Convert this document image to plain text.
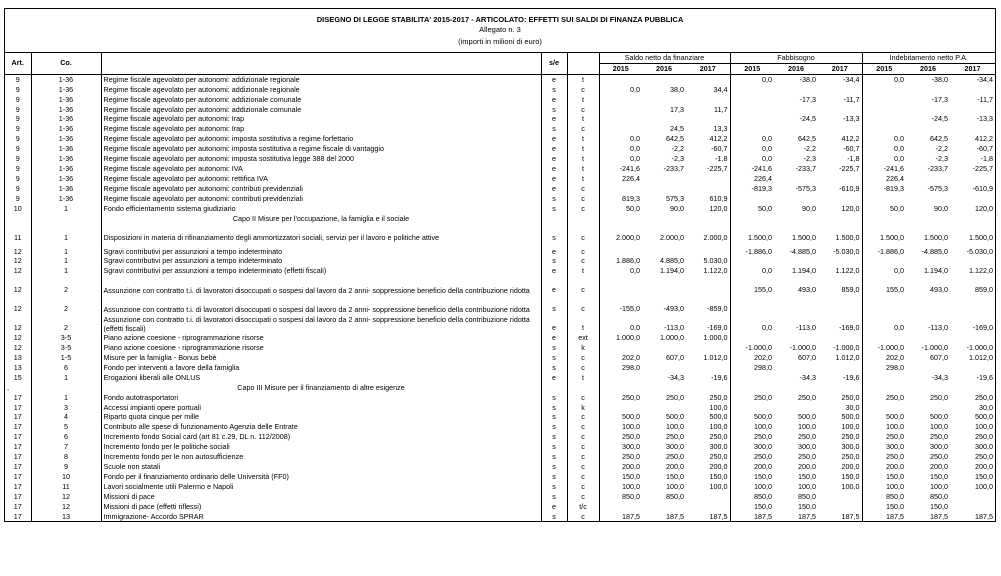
DISEGNO DI LEGGE STABILITA' 2015-2017 - ARTICOLATO: EFFETTI SUI SALDI DI FINANZA PUBBLICA
Allegato n. 3
(importi in milioni di euro)
Art.	Co.		s/e		Saldo netto da finanziare			Fabbisogno			Indebitamento netto P.A.		
					2015	2016	2017	2015	2016	2017	2015	2016	2017
9	1-36	Regime fiscale agevolato per autonomi: addizionale regionale	e	t				0,0	-38,0	-34,4	0,0	-38,0	-34,4
9	1-36	Regime fiscale agevolato per autonomi: addizionale regionale	s	c	0,0	38,0	34,4						
9	1-36	Regime fiscale agevolato per autonomi: addizionale comunale	e	t					-17,3	-11,7		-17,3	-11,7
9	1-36	Regime fiscale agevolato per autonomi: addizionale comunale	s	c		17,3	11,7						
9	1-36	Regime fiscale agevolato per autonomi: Irap	e	t					-24,5	-13,3		-24,5	-13,3
9	1-36	Regime fiscale agevolato per autonomi: Irap	s	c		24,5	13,3						
9	1-36	Regime fiscale agevolato per autonomi: imposta sostitutiva a regime forfettario	e	t	0,0	642,5	412,2	0,0	642,5	412,2	0,0	642,5	412,2
9	1-36	Regime fiscale agevolato per autonomi: imposta sostitutiva a regime fiscale di vantaggio	e	t	0,0	-2,2	-60,7	0,0	-2,2	-60,7	0,0	-2,2	-60,7
9	1-36	Regime fiscale agevolato per autonomi: imposta sostitutiva legge 388 del 2000	e	t	0,0	-2,3	-1,8	0,0	-2,3	-1,8	0,0	-2,3	-1,8
9	1-36	Regime fiscale agevolato per autonomi: IVA	e	t	-241,6	-233,7	-225,7	-241,6	-233,7	-225,7	-241,6	-233,7	-225,7
9	1-36	Regime fiscale agevolato per autonomi: rettifica IVA	e	t	226,4			226,4			226,4		
9	1-36	Regime fiscale agevolato per autonomi: contributi previdenziali	e	c				-819,3	-575,3	-610,9	-819,3	-575,3	-610,9
9	1-36	Regime fiscale agevolato per autonomi: contributi previdenziali	s	c	819,3	575,3	610,9						
10	1	Fondo efficientamento sistema giudiziario	s	c	50,0	90,0	120,0	50,0	90,0	120,0	50,0	90,0	120,0
		Capo II Misure per l'occupazione, la famiglia e il sociale											
11	1	Disposizioni in materia di rifinanziamento degli ammortizzatori sociali, servizi per il lavoro e politiche attive	s	c	2.000,0	2.000,0	2.000,0	1.500,0	1.500,0	1.500,0	1.500,0	1.500,0	1.500,0
12	1	Sgravi contributivi per assunzioni a tempo indeterminato	e	c				-1.886,0	-4.885,0	-5.030,0	-1.886,0	-4.885,0	-5.030,0
12	1	Sgravi contributivi per assunzioni a tempo indeterminato	s	c	1.886,0	4.885,0	5.030,0						
12	1	Sgravi contributivi per assunzioni a tempo indeterminato (effetti fiscali)	e	t	0,0	1.194,0	1.122,0	0,0	1.194,0	1.122,0	0,0	1.194,0	1.122,0
12	2	Assunzione con contratto t.i. di lavoratori disoccupati o sospesi dal lavoro da 2 anni- soppressione beneficio della contribuzione ridotta	e	c				155,0	493,0	859,0	155,0	493,0	859,0
12	2	Assunzione con contratto t.i. di lavoratori disoccupati o sospesi dal lavoro da 2 anni- soppressione beneficio della contribuzione ridotta	s	c	-155,0	-493,0	-859,0						
12	2	Assunzione con contratto t.i. di lavoratori disoccupati o sospesi dal lavoro da 2 anni- soppressione beneficio della contribuzione ridotta (effetti fiscali)	e	t	0,0	-113,0	-169,0	0,0	-113,0	-169,0	0,0	-113,0	-169,0
12	3-5	Piano azione coesione - riprogrammazione risorse	e	ext	1.000,0	1.000,0	1.000,0						
12	3-5	Piano azione coesione - riprogrammazione risorse	s	k				-1.000,0	-1.000,0	-1.000,0	-1.000,0	-1.000,0	-1.000,0
13	1-5	Misure per la famiglia - Bonus bebè	s	c	202,0	607,0	1.012,0	202,0	607,0	1.012,0	202,0	607,0	1.012,0
13	6	Fondo per interventi a favore della famiglia	s	c	298,0			298,0			298,0		
15	1	Erogazioni liberali alle ONLUS	e	t		-34,3	-19,6		-34,3	-19,6		-34,3	-19,6
,		Capo III Misure per il finanziamento di altre esigenze											
17	1	Fondo autotrasportatori	s	c	250,0	250,0	250,0	250,0	250,0	250,0	250,0	250,0	250,0
17	3	Accessi impianti opere portuali	s	k			100,0			30,0			30,0
17	4	Riparto quota cinque per mille	s	c	500,0	500,0	500,0	500,0	500,0	500,0	500,0	500,0	500,0
17	5	Contributo alle spese di funzionamento Agenzia delle Entrate	s	c	100,0	100,0	100,0	100,0	100,0	100,0	100,0	100,0	100,0
17	6	Incremento fondo Social card (art 81 c.29, DL n. 112/2008)	s	c	250,0	250,0	250,0	250,0	250,0	250,0	250,0	250,0	250,0
17	7	Incremento fondo per le politiche sociali	s	c	300,0	300,0	300,0	300,0	300,0	300,0	300,0	300,0	300,0
17	8	Incremento fondo per le non autosufficienze	s	c	250,0	250,0	250,0	250,0	250,0	250,0	250,0	250,0	250,0
17	9	Scuole non statali	s	c	200,0	200,0	200,0	200,0	200,0	200,0	200,0	200,0	200,0
17	10	Fondo per il finanziamento ordinario delle Università (FF0)	s	c	150,0	150,0	150,0	150,0	150,0	150,0	150,0	150,0	150,0
17	11	Lavori socialmente utili Palermo e Napoli	s	c	100,0	100,0	100,0	100,0	100,0	100,0	100,0	100,0	100,0
17	12	Missioni di pace	s	c	850,0	850,0		850,0	850,0		850,0	850,0	
17	12	Missioni di pace (effetti riflessi)	e	t/c				150,0	150,0		150,0	150,0	
17	13	Immigrazione- Accordo SPRAR	s	c	187,5	187,5	187,5	187,5	187,5	187,5	187,5	187,5	187,5
